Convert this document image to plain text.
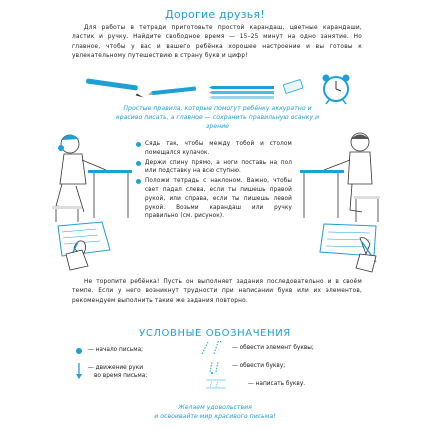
Дорогие друзья!
Для работы в тетради приготовьте простой карандаш, цветные карандаши, ластик и ручку. Найдите свободное время — 15–25 минут на одно занятие. Но главное, чтобы у вас и вашего ребёнка хорошее настроение и вы готовы к увлекательному путешествию в страну букв и цифр!
Простые правила, которые помогут ребёнку аккуратно и красиво писать, а главное — сохранить правильную осанку и зрение
Сядь так, чтобы между тобой и столом помещался кулачок.
Держи спину прямо, а ноги поставь на пол или подставку на всю ступню.
Положи тетрадь с наклоном. Важно, чтобы свет падал слева, если ты пишешь правой рукой, или справа, если ты пишешь левой рукой. Возьми карандаш или ручку правильно (см. рисунок).
Не торопите ребёнка! Пусть он выполняет задания последовательно и в своём темпе. Если у него возникнут трудности при написании букв или их элементов, рекомендуем выполнить такие же задания повторно.
УСЛОВНЫЕ ОБОЗНАЧЕНИЯ
— начало письма;
— движение руки
во время письма;
— обвести элемент буквы;
— обвести букву;
— написать букву.
Желаем удовольствия
и освоивайте мир красивого письма!
